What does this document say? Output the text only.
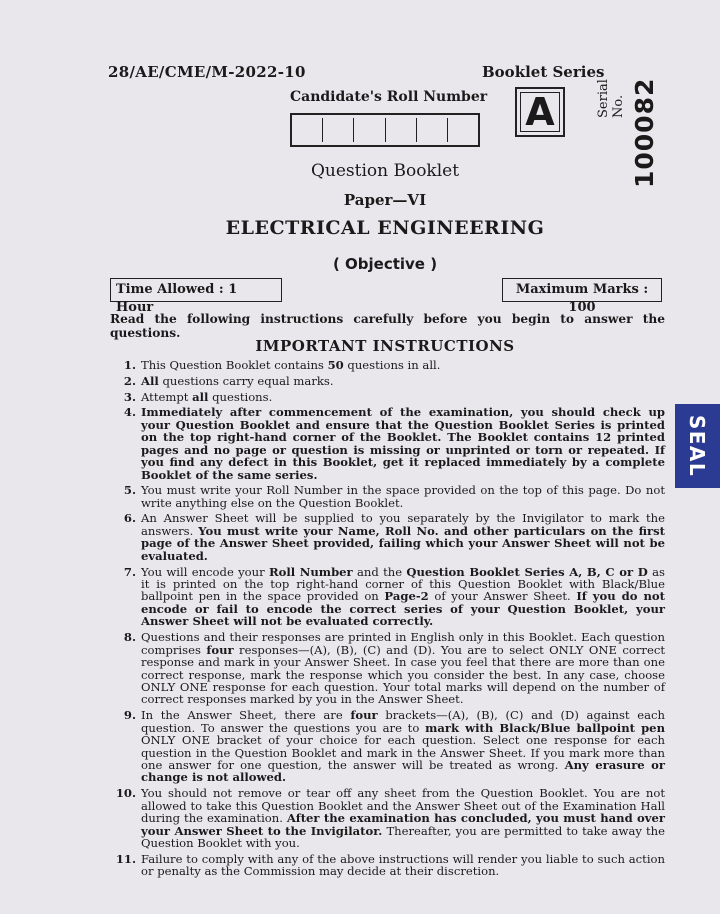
28/AE/CME/M-2022-10	Booklet Series
Candidate's Roll Number A	Serial No. 100082
Question Booklet
Paper—VI
ELECTRICAL ENGINEERING
( Objective )
Time Allowed : 1 Hour
Maximum Marks : 100
Read the following instructions carefully before you begin to answer the questions.
IMPORTANT INSTRUCTIONS
1. This Question Booklet contains 50 questions in all.
2. All questions carry equal marks.
3. Attempt all questions.
4. Immediately after commencement of the examination, you should check up your Question Booklet and ensure that the Question Booklet Series is printed on the top right-hand corner of the Booklet. The Booklet contains 12 printed pages and no page or question is missing or unprinted or torn or repeated. If you find any defect in this Booklet, get it replaced immediately by a complete Booklet of the same series.
5. You must write your Roll Number in the space provided on the top of this page. Do not write anything else on the Question Booklet.
6. An Answer Sheet will be supplied to you separately by the Invigilator to mark the answers. You must write your Name, Roll No. and other particulars on the first page of the Answer Sheet provided, failing which your Answer Sheet will not be evaluated.
7. You will encode your Roll Number and the Question Booklet Series A, B, C or D as it is printed on the top right-hand corner of this Question Booklet with Black/Blue ballpoint pen in the space provided on Page-2 of your Answer Sheet. If you do not encode or fail to encode the correct series of your Question Booklet, your Answer Sheet will not be evaluated correctly.
8. Questions and their responses are printed in English only in this Booklet. Each question comprises four responses—(A), (B), (C) and (D). You are to select ONLY ONE correct response and mark in your Answer Sheet. In case you feel that there are more than one correct response, mark the response which you consider the best. In any case, choose ONLY ONE response for each question. Your total marks will depend on the number of correct responses marked by you in the Answer Sheet.
9. In the Answer Sheet, there are four brackets—(A), (B), (C) and (D) against each question. To answer the questions you are to mark with Black/Blue ballpoint pen ONLY ONE bracket of your choice for each question. Select one response for each question in the Question Booklet and mark in the Answer Sheet. If you mark more than one answer for one question, the answer will be treated as wrong. Any erasure or change is not allowed.
10. You should not remove or tear off any sheet from the Question Booklet. You are not allowed to take this Question Booklet and the Answer Sheet out of the Examination Hall during the examination. After the examination has concluded, you must hand over your Answer Sheet to the Invigilator. Thereafter, you are permitted to take away the Question Booklet with you.
11. Failure to comply with any of the above instructions will render you liable to such action or penalty as the Commission may decide at their discretion.
SEAL
